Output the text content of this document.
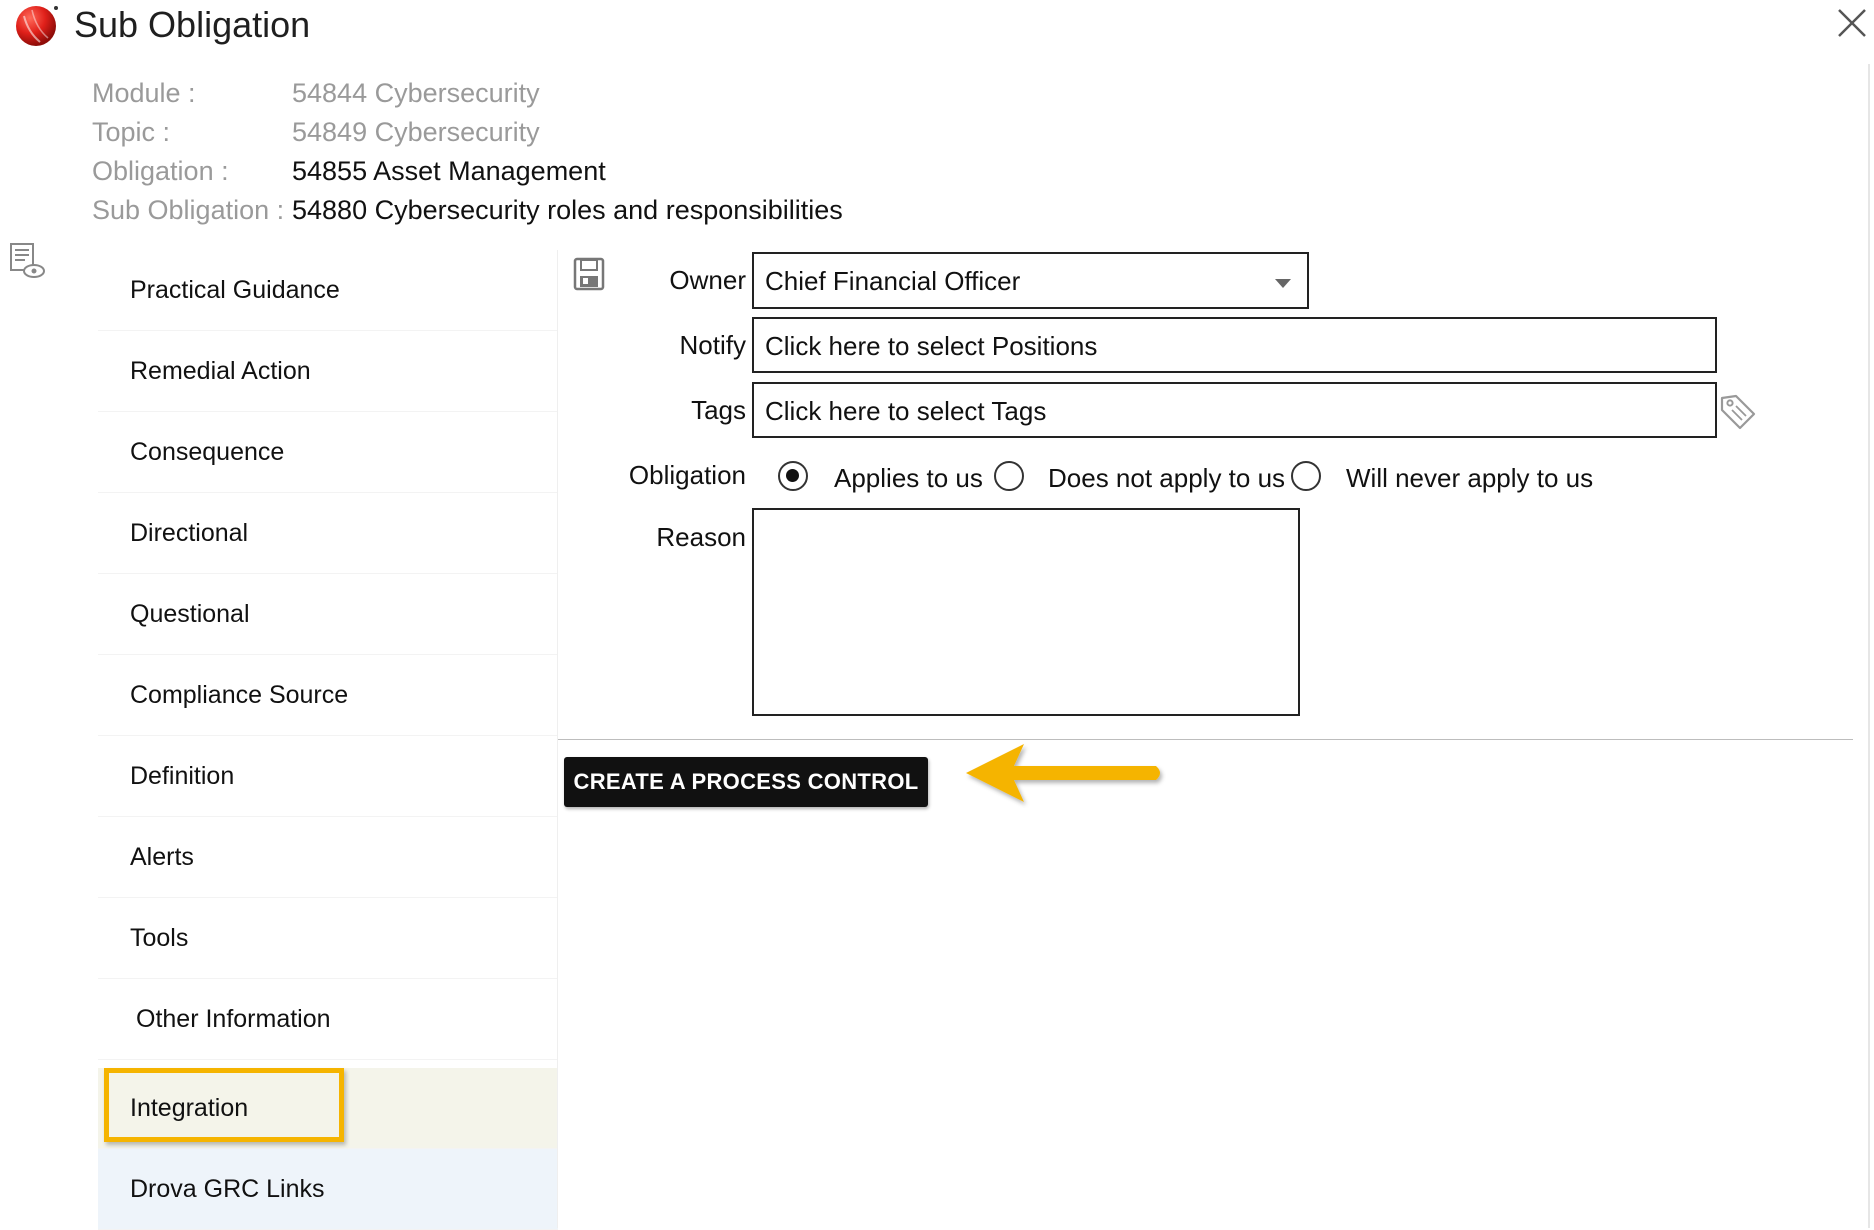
Sub Obligation
Module :	54844 Cybersecurity
Topic :	54849 Cybersecurity
Obligation : 54855 Asset Management
Sub Obligation : 54880 Cybersecurity roles and responsibilities
Practical Guidance
Remedial Action
Consequence
Directional
Questional
Compliance Source
Definition
Alerts
Tools
Other Information
Integration
Drova GRC Links
Owner Chief Financial Officer
Notify Click here to select Positions
Tags Click here to select Tags
Obligation	Applies to us	Does not apply to us Will never apply to us
Reason
CREATE A PROCESS CONTROL
